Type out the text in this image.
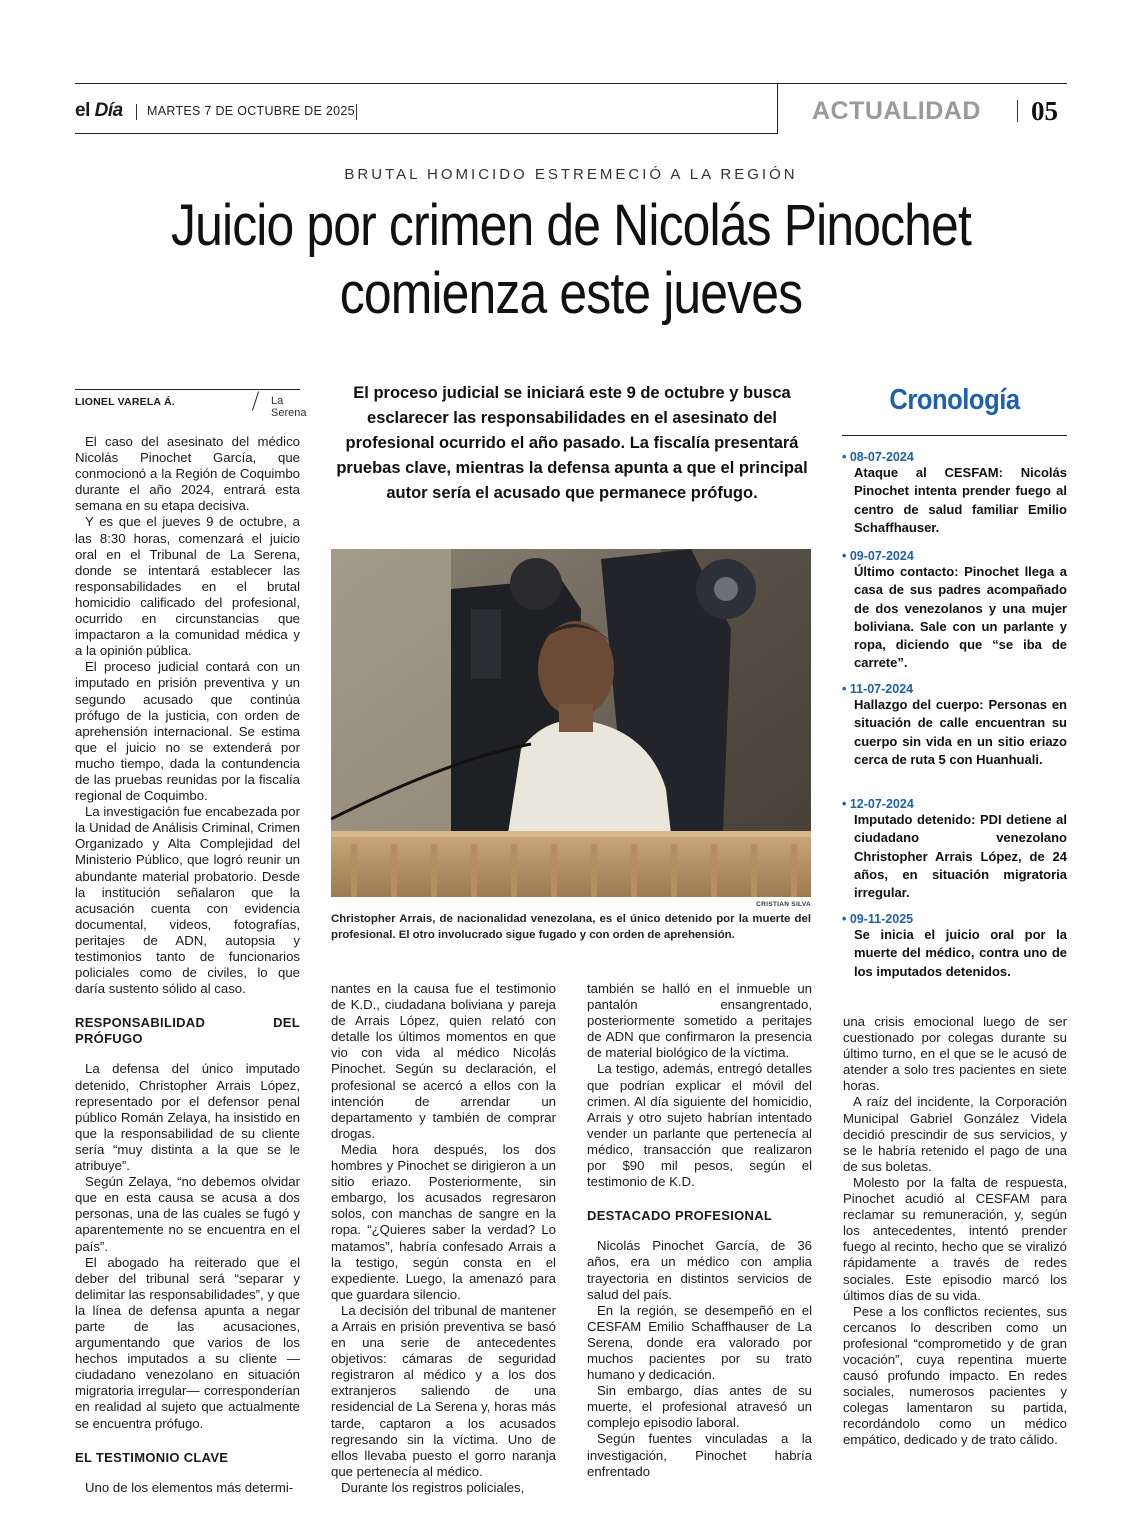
el
Día MARTES 7 DE OCTUBRE DE 2025	ACTUALIDAD 05
BRUTAL HOMICIDO ESTREMECIÓ A LA REGIÓN
Juicio por crimen de Nicolás Pinochet
comienza este jueves
LIONEL VARELA Á.	La Serena

El caso del asesinato del médico Nicolás Pinochet García, que conmocionó a la Región de Coquimbo durante el año 2024, entrará esta semana en su etapa decisiva.

Y es que el jueves 9 de octubre, a las 8:30 horas, comenzará el juicio oral en el Tribunal de La Serena, donde se intentará establecer las responsabilidades en el brutal homicidio calificado del profesional, ocurrido en circunstancias que impactaron a la comunidad médica y a la opinión pública.

El proceso judicial contará con un imputado en prisión preventiva y un segundo acusado que continúa prófugo de la justicia, con orden de aprehensión internacional. Se estima que el juicio no se extenderá por mucho tiempo, dada la contundencia de las pruebas reunidas por la fiscalía regional de Coquimbo.

La investigación fue encabezada por la Unidad de Análisis Criminal, Crimen Organizado y Alta Complejidad del Ministerio Público, que logró reunir un abundante material probatorio. Desde la institución señalaron que la acusación cuenta con evidencia documental, videos, fotografías, peritajes de ADN, autopsia y testimonios tanto de funcionarios policiales como de civiles, lo que daría sustento sólido al caso.

RESPONSABILIDAD DEL PRÓFUGO

La defensa del único imputado detenido, Christopher Arrais López, representado por el defensor penal público Román Zelaya, ha insistido en que la responsabilidad de su cliente sería “muy distinta a la que se le atribuye”.

Según Zelaya, “no debemos olvidar que en esta causa se acusa a dos personas, una de las cuales se fugó y aparentemente no se encuentra en el país”.

El abogado ha reiterado que el deber del tribunal será “separar y delimitar las responsabilidades”, y que la línea de defensa apunta a negar parte de las acusaciones, argumentando que varios de los hechos imputados a su cliente —ciudadano venezolano en situación migratoria irregular— corresponderían en realidad al sujeto que actualmente se encuentra prófugo.

EL TESTIMONIO CLAVE

Uno de los elementos más determi-

El proceso judicial se iniciará este 9 de octubre y busca esclarecer las responsabilidades en el asesinato del profesional ocurrido el año pasado. La fiscalía presentará pruebas clave, mientras la defensa apunta a que el principal autor sería el acusado que permanece prófugo.
CRISTIAN SILVA
Christopher Arrais, de nacionalidad venezolana, es el único detenido por la muerte del profesional. El otro involucrado sigue fugado y con orden de aprehensión.

nantes en la causa fue el testimonio de K.D., ciudadana boliviana y pareja de Arrais López, quien relató con detalle los últimos momentos en que vio con vida al médico Nicolás Pinochet. Según su declaración, el profesional se acercó a ellos con la intención de arrendar un departamento y también de comprar drogas.

Media hora después, los dos hombres y Pinochet se dirigieron a un sitio eriazo. Posteriormente, sin embargo, los acusados regresaron solos, con manchas de sangre en la ropa. “¿Quieres saber la verdad? Lo matamos”, habría confesado Arrais a la testigo, según consta en el expediente. Luego, la amenazó para que guardara silencio.

La decisión del tribunal de mantener a Arrais en prisión preventiva se basó en una serie de antecedentes objetivos: cámaras de seguridad registraron al médico y a los dos extranjeros saliendo de una residencial de La Serena y, horas más tarde, captaron a los acusados regresando sin la víctima. Uno de ellos llevaba puesto el gorro naranja que pertenecía al médico.

Durante los registros policiales,

también se halló en el inmueble un pantalón ensangrentado, posteriormente sometido a peritajes de ADN que confirmaron la presencia de material biológico de la víctima.

La testigo, además, entregó detalles que podrían explicar el móvil del crimen. Al día siguiente del homicidio, Arrais y otro sujeto habrían intentado vender un parlante que pertenecía al médico, transacción que realizaron por $90 mil pesos, según el testimonio de K.D.

DESTACADO PROFESIONAL

Nicolás Pinochet García, de 36 años, era un médico con amplia trayectoria en distintos servicios de salud del país.

En la región, se desempeñó en el CESFAM Emilio Schaffhauser de La Serena, donde era valorado por muchos pacientes por su trato humano y dedicación.

Sin embargo, días antes de su muerte, el profesional atravesó un complejo episodio laboral.

Según fuentes vinculadas a la investigación, Pinochet habría enfrentado

una crisis emocional luego de ser cuestionado por colegas durante su último turno, en el que se le acusó de atender a solo tres pacientes en siete horas.

A raíz del incidente, la Corporación Municipal Gabriel González Videla decidió prescindir de sus servicios, y se le habría retenido el pago de una de sus boletas.

Molesto por la falta de respuesta, Pinochet acudió al CESFAM para reclamar su remuneración, y, según los antecedentes, intentó prender fuego al recinto, hecho que se viralizó rápidamente a través de redes sociales. Este episodio marcó los últimos días de su vida.

Pese a los conflictos recientes, sus cercanos lo describen como un profesional “comprometido y de gran vocación”, cuya repentina muerte causó profundo impacto. En redes sociales, numerosos pacientes y colegas lamentaron su partida, recordándolo como un médico empático, dedicado y de trato cálido.

Cronología
• 08-07-2024
Ataque al CESFAM: Nicolás Pinochet intenta prender fuego al centro de salud familiar Emilio Schaffhauser.
• 09-07-2024
Último contacto: Pinochet llega a casa de sus padres acompañado de dos venezolanos y una mujer boliviana. Sale con un parlante y ropa, diciendo que “se iba de carrete”.
• 11-07-2024
Hallazgo del cuerpo: Personas en situación de calle encuentran su cuerpo sin vida en un sitio eriazo cerca de ruta 5 con Huanhuali.
• 12-07-2024
Imputado detenido: PDI detiene al ciudadano venezolano Christopher Arrais López, de 24 años, en situación migratoria irregular.
• 09-11-2025
Se inicia el juicio oral por la muerte del médico, contra uno de los imputados detenidos.
